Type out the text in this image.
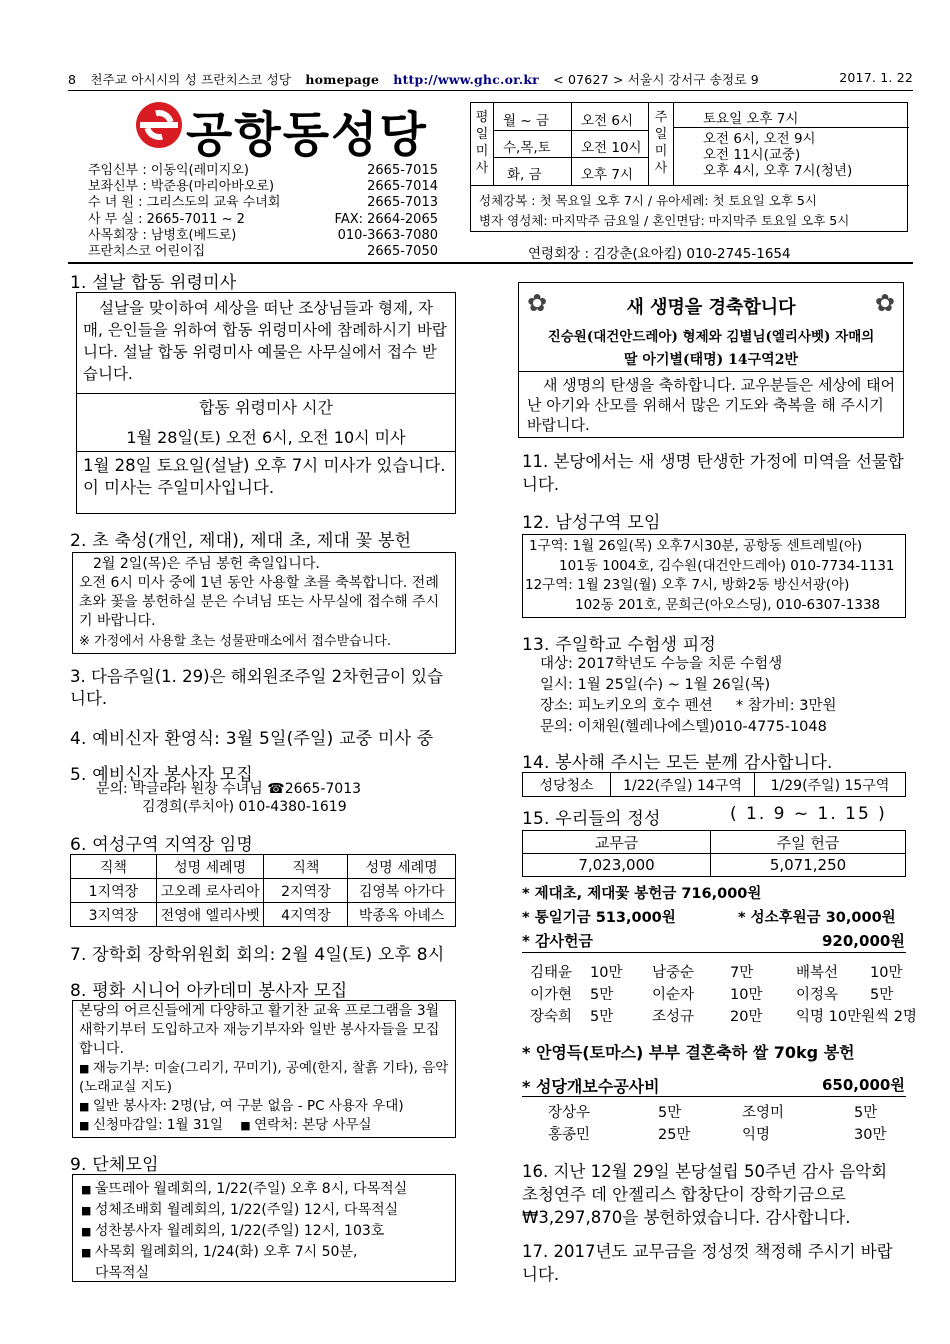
8 천주교 아시시의 성 프란치스코 성당 homepage http://www.ghc.or.kr < 07627 > 서울시 강서구 송정로 9	2017. 1. 22
공항동성당
주임신부 : 이동익(레미지오)	2665-7015
보좌신부 : 박준용(마리아바오로)	2665-7014
수 녀 원 : 그리스도의 교육 수녀회	2665-7013
사 무 실 : 2665-7011 ~ 2	FAX: 2664-2065
사목회장 : 남병호(베드로)	010-3663-7080
프란치스코 어린이집	2665-7050
평일미사
월 ~ 금 오전 6시
수,목,토 오전 10시
화, 금	오후 7시
주일미사
토요일 오후 7시
오전 6시, 오전 9시
오전 11시(교중)
오후 4시, 오후 7시(청년)
성체강복 : 첫 목요일 오후 7시 / 유아세례: 첫 토요일 오후 5시
병자 영성체: 마지막주 금요일 / 혼인면담: 마지막주 토요일 오후 5시
연령회장 : 김강춘(요아킴) 010-2745-1654
1. 설날 합동 위령미사
설날을 맞이하여 세상을 떠난 조상님들과 형제, 자매, 은인들을 위하여 합동 위령미사에 참례하시기 바랍니다. 설날 합동 위령미사 예물은 사무실에서 접수 받습니다.
합동 위령미사 시간
1월 28일(토) 오전 6시, 오전 10시 미사
1월 28일 토요일(설날) 오후 7시 미사가 있습니다. 이 미사는 주일미사입니다.
2. 초 축성(개인, 제대), 제대 초, 제대 꽃 봉헌
2월 2일(목)은 주님 봉헌 축일입니다.
오전 6시 미사 중에 1년 동안 사용할 초를 축복합니다. 전례 초와 꽃을 봉헌하실 분은 수녀님 또는 사무실에 접수해 주시기 바랍니다.
※ 가정에서 사용할 초는 성물판매소에서 접수받습니다.
3. 다음주일(1. 29)은 해외원조주일 2차헌금이 있습니다.
4. 예비신자 환영식: 3월 5일(주일) 교중 미사 중
5. 예비신자 봉사자 모집
문의: 박글라라 원장 수녀님 ☎2665-7013
김경희(루치아) 010-4380-1619
6. 여성구역 지역장 임명
직책	성명 세례명	직책	성명 세례명
1지역장	고오례 로사리아	2지역장	김영복 아가다
3지역장	전영애 엘리사벳	4지역장	박종옥 아녜스
7. 장학회 장학위원회 회의: 2월 4일(토) 오후 8시
8. 평화 시니어 아카데미 봉사자 모집
본당의 어르신들에게 다양하고 활기찬 교육 프로그램을 3월 새학기부터 도입하고자 재능기부자와 일반 봉사자들을 모집합니다.
■ 재능기부: 미술(그리기, 꾸미기), 공예(한지, 찰흙 기타), 음악(노래교실 지도)
■ 일반 봉사자: 2명(남, 여 구분 없음 - PC 사용자 우대)
■ 신청마감일: 1월 31일 ■ 연락처: 본당 사무실
9. 단체모임
■ 울뜨레아 월례회의, 1/22(주일) 오후 8시, 다목적실
■ 성체조배회 월례회의, 1/22(주일) 12시, 다목적실
■ 성찬봉사자 월례회의, 1/22(주일) 12시, 103호
■ 사목회 월례회의, 1/24(화) 오후 7시 50분,
다목적실
✿	✿
새 생명을 경축합니다
진승원(대건안드레아) 형제와 김별님(엘리사벳) 자매의
딸 아기별(태명) 14구역2반
새 생명의 탄생을 축하합니다. 교우분들은 세상에 태어난 아기와 산모를 위해서 많은 기도와 축복을 해 주시기 바랍니다.
11. 본당에서는 새 생명 탄생한 가정에 미역을 선물합니다.
12. 남성구역 모임
1구역: 1월 26일(목) 오후7시30분, 공항동 센트레빌(아)
101동 1004호, 김수원(대건안드레아) 010-7734-1131
12구역: 1월 23일(월) 오후 7시, 방화2동 방신서광(아)
102동 201호, 문희근(아오스딩), 010-6307-1338
13. 주일학교 수험생 피정
대상: 2017학년도 수능을 치룬 수험생
일시: 1월 25일(수) ~ 1월 26일(목)
장소: 피노키오의 호수 펜션 * 참가비: 3만원
문의: 이채원(헬레나에스텔)010-4775-1048
14. 봉사해 주시는 모든 분께 감사합니다.
성당청소	1/22(주일) 14구역	1/29(주일) 15구역
15. 우리들의 정성	( 1. 9 ~ 1. 15 )
교무금	주일 헌금
7,023,000	5,071,250
* 제대초, 제대꽃 봉헌금 716,000원
* 통일기금 513,000원	* 성소후원금 30,000원
* 감사헌금	920,000원
김태윤	10만	남중순	7만	배복선	10만
이가현	5만	이순자	10만	이정옥	5만
장숙희	5만	조성규	20만	익명 10만원씩 2명
* 안영득(토마스) 부부 결혼축하 쌀 70kg 봉헌
* 성당개보수공사비	650,000원
장상우	5만	조영미	5만
홍종민	25만	익명	30만
16. 지난 12월 29일 본당설립 50주년 감사 음악회 초청연주 데 안젤리스 합창단이 장학기금으로 ₩3,297,870을 봉헌하였습니다. 감사합니다.
17. 2017년도 교무금을 정성껏 책정해 주시기 바랍니다.
